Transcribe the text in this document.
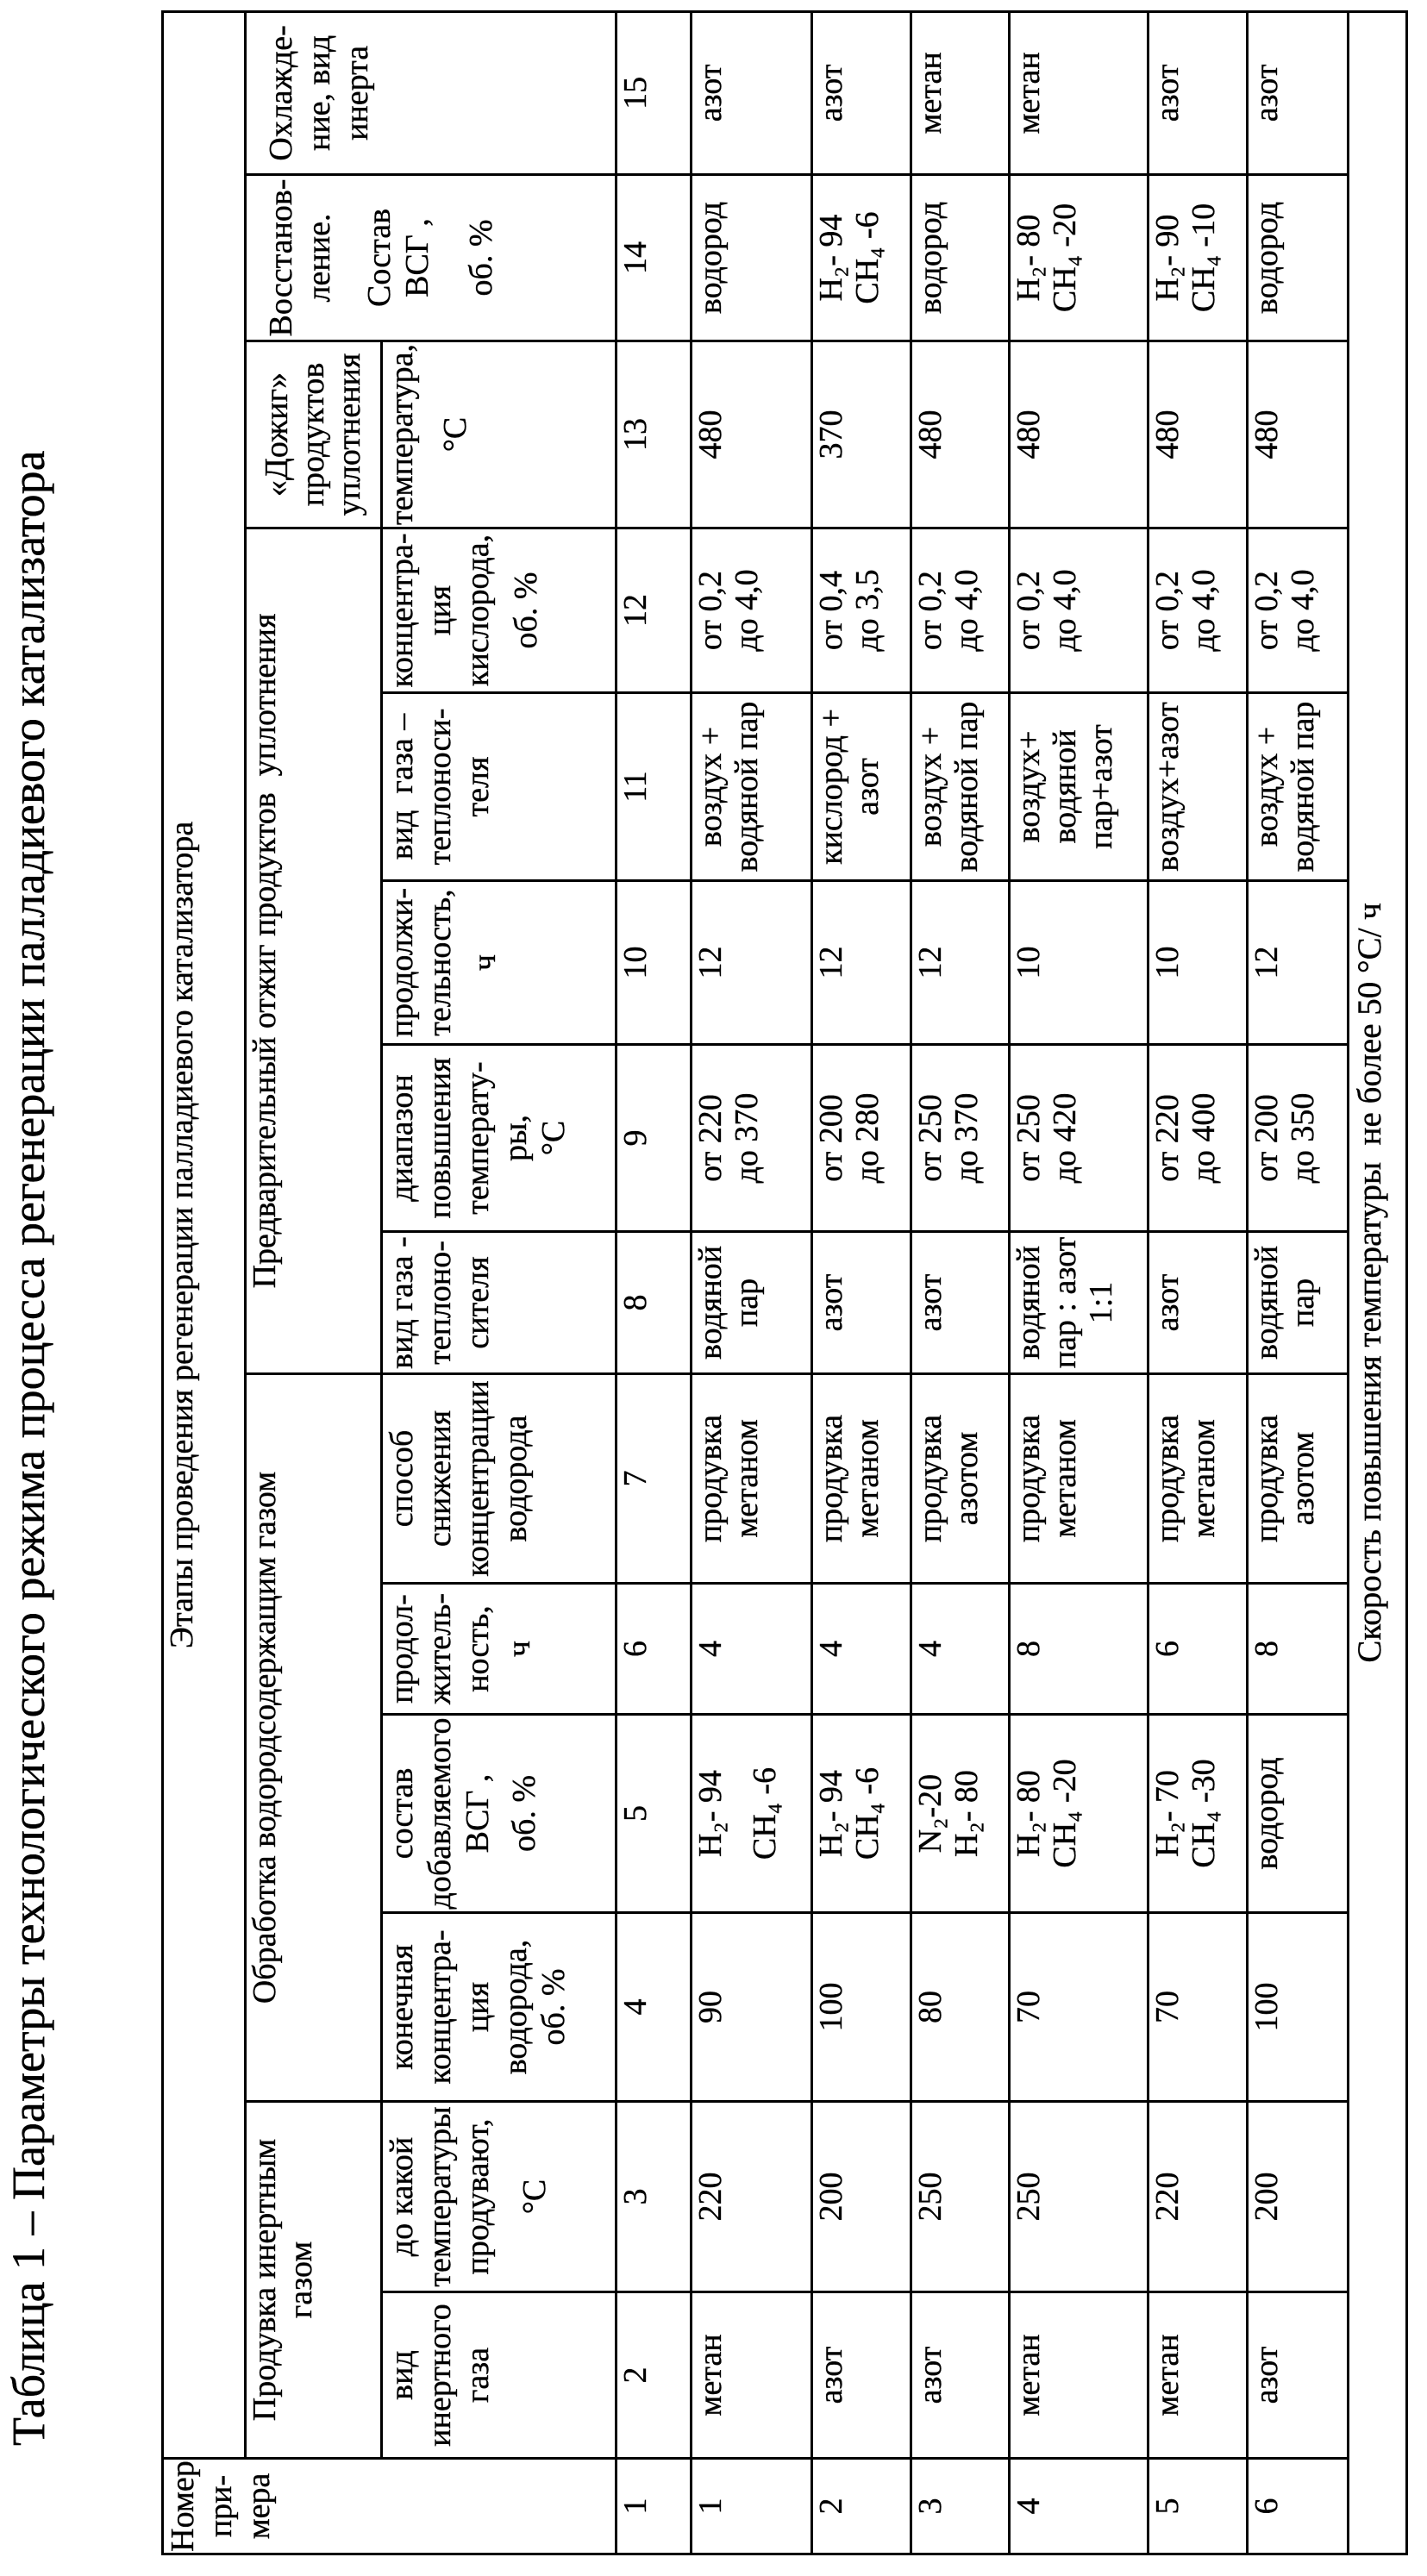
Таблица 1 – Параметры технологического режима процесса регенерации палладиевого катализатора
Номер при- мера

Этапы проведения регенерации палладиевого катализатора

Продувка инертным газом

Обработка водородсодержащим газом

Предварительный отжиг продуктов  уплотнения

«Дожиг» продуктов уплотнения

Восстанов- ление. Состав ВСГ , об. %

Охлажде- ние, вид инерта

вид инертного газа

до какой температуры продувают, °С

конечная концентра- ция водорода, об. %

состав добавляемого ВСГ , об. %

продол- житель- ность, ч

способ снижения концентрации водорода

вид газа - теплоно- сителя

диапазон повышения температу- ры, °С

продолжи- тельность, ч

вид  газа – теплоноси- теля

концентра- ция кислорода, об. %

температура, °С

1

2

3

4

5

6

7

8

9

10

11

12

13

14

15

1

метан

220

90

H₂- 94 CH₄ -6

4

продувка метаном

водяной пар

от 220 до 370

12

воздух + водяной пар

от 0,2 до 4,0

480

водород

азот

2

азот

200

100

H₂- 94 CH₄ -6

4

продувка метаном

азот

от 200 до 280

12

кислород + азот

от 0,4 до 3,5

370

H₂- 94 CH₄ -6

азот

3

азот

250

80

N₂-20 H₂- 80

4

продувка азотом

азот

от 250 до 370

12

воздух + водяной пар

от 0,2 до 4,0

480

водород

метан

4

метан

250

70

H₂- 80 CH₄ -20

8

продувка метаном

водяной пар : азот 1:1

от 250 до 420

10

воздух+ водяной пар+азот

от 0,2 до 4,0

480

H₂- 80 CH₄ -20

метан

5

метан

220

70

H₂- 70 CH₄ -30

6

продувка метаном

азот

от 220 до 400

10

воздух+азот

от 0,2 до 4,0

480

H₂- 90 CH₄ -10

азот

6

азот

200

100

водород

8

продувка азотом

водяной пар

от 200 до 350

12

воздух + водяной пар

от 0,2 до 4,0

480

водород

азот

Скорость повышения температуры  не более 50 °С/ ч
